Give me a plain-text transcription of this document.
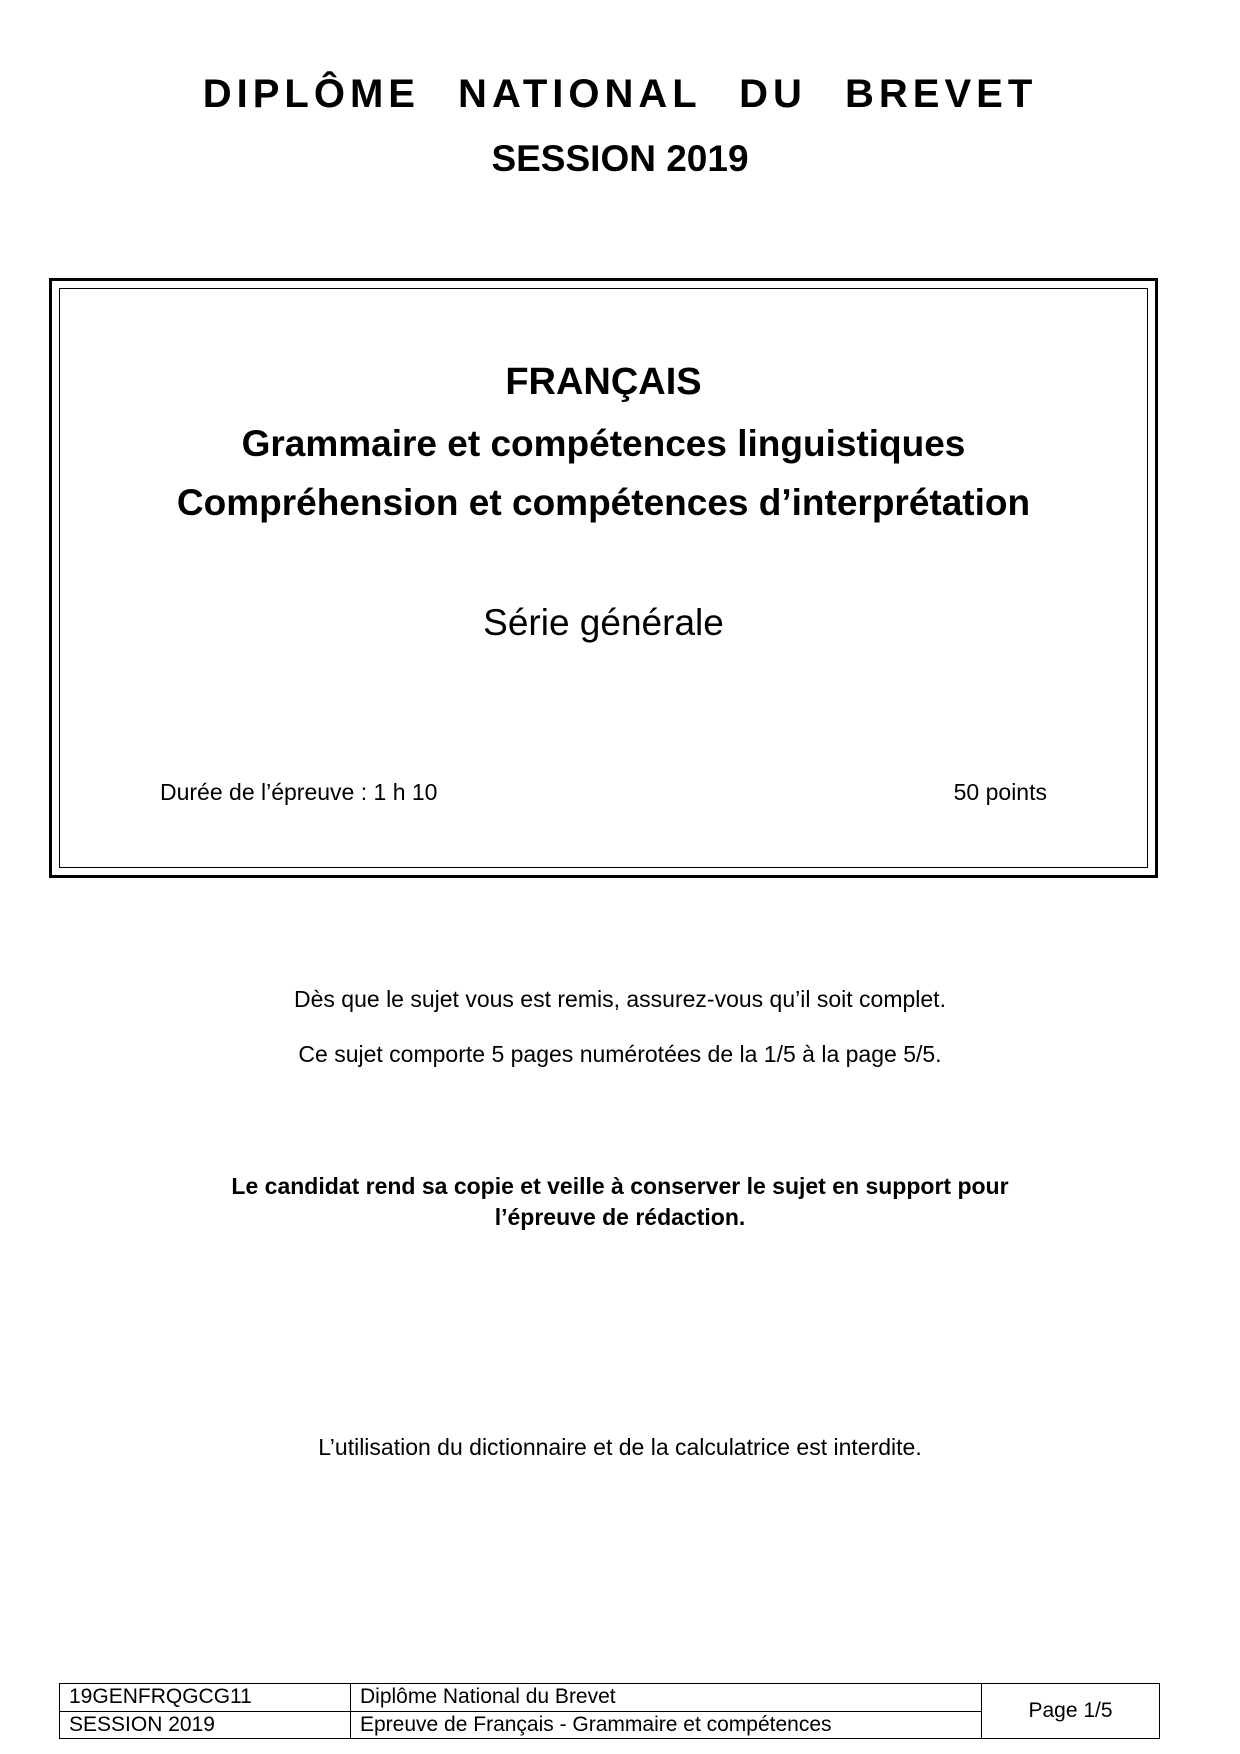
DIPLÔME NATIONAL DU BREVET
SESSION 2019
FRANÇAIS
Grammaire et compétences linguistiques
Compréhension et compétences d’interprétation
Série générale
Durée de l’épreuve : 1 h 10	50 points
Dès que le sujet vous est remis, assurez-vous qu’il soit complet.
Ce sujet comporte 5 pages numérotées de la 1/5 à la page 5/5.
Le candidat rend sa copie et veille à conserver le sujet en support pour
l’épreuve de rédaction.
L’utilisation du dictionnaire et de la calculatrice est interdite.
19GENFRQGCG11	Diplôme National du Brevet	Page 1/5
SESSION 2019	Epreuve de Français - Grammaire et compétences	
